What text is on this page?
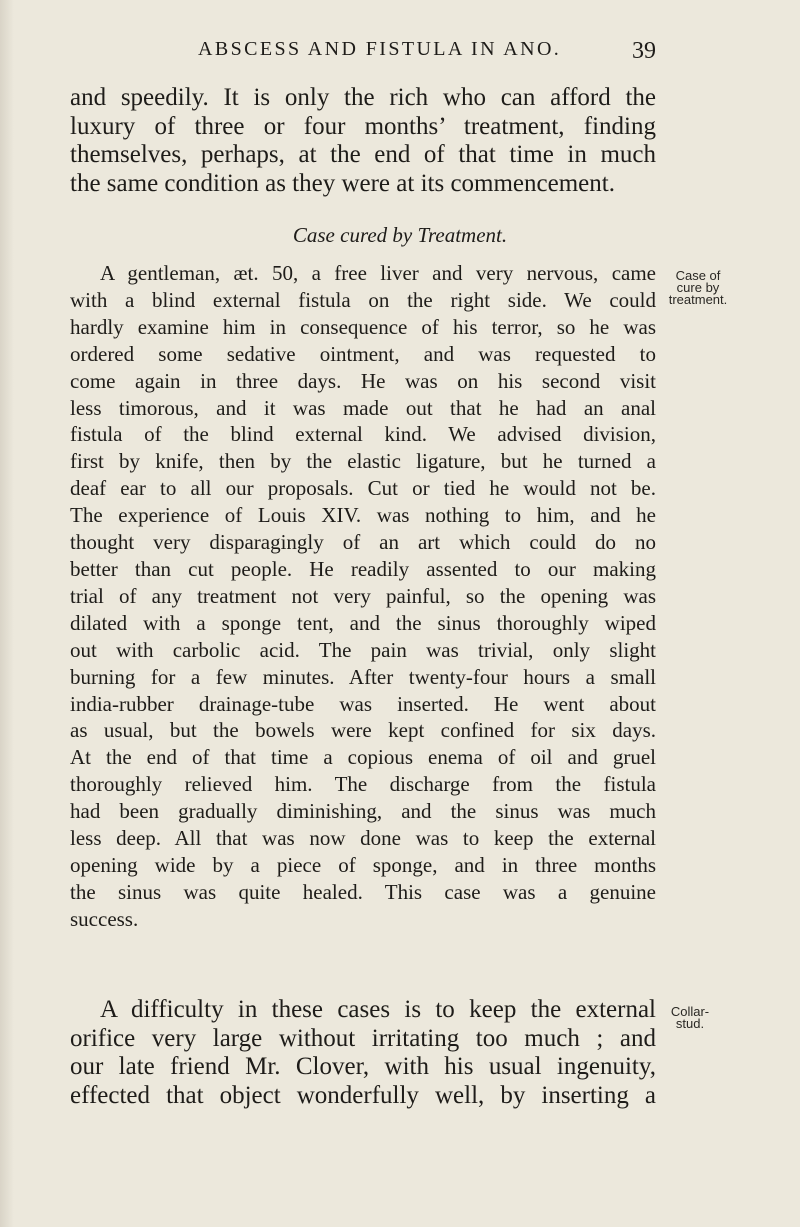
ABSCESS AND FISTULA IN ANO.	39
and speedily. It is only the rich who can afford the
luxury of three or four months’ treatment, finding
themselves, perhaps, at the end of that time in much
the same condition as they were at its commencement.
Case cured by Treatment.
A gentleman, æt. 50, a free liver and very nervous, came
with a blind external fistula on the right side. We could
hardly examine him in consequence of his terror, so he was
ordered some sedative ointment, and was requested to
come again in three days. He was on his second visit
less timorous, and it was made out that he had an anal
fistula of the blind external kind. We advised division,
first by knife, then by the elastic ligature, but he turned a
deaf ear to all our proposals. Cut or tied he would not be.
The experience of Louis XIV. was nothing to him, and he
thought very disparagingly of an art which could do no
better than cut people. He readily assented to our making
trial of any treatment not very painful, so the opening was
dilated with a sponge tent, and the sinus thoroughly wiped
out with carbolic acid. The pain was trivial, only slight
burning for a few minutes. After twenty-four hours a small
india-rubber drainage-tube was inserted. He went about
as usual, but the bowels were kept confined for six days.
At the end of that time a copious enema of oil and gruel
thoroughly relieved him. The discharge from the fistula
had been gradually diminishing, and the sinus was much
less deep. All that was now done was to keep the external
opening wide by a piece of sponge, and in three months
the sinus was quite healed. This case was a genuine
success.
Case of
cure by
treatment.
A difficulty in these cases is to keep the external
orifice very large without irritating too much ; and
our late friend Mr. Clover, with his usual ingenuity,
effected that object wonderfully well, by inserting a
Collar-
stud.
